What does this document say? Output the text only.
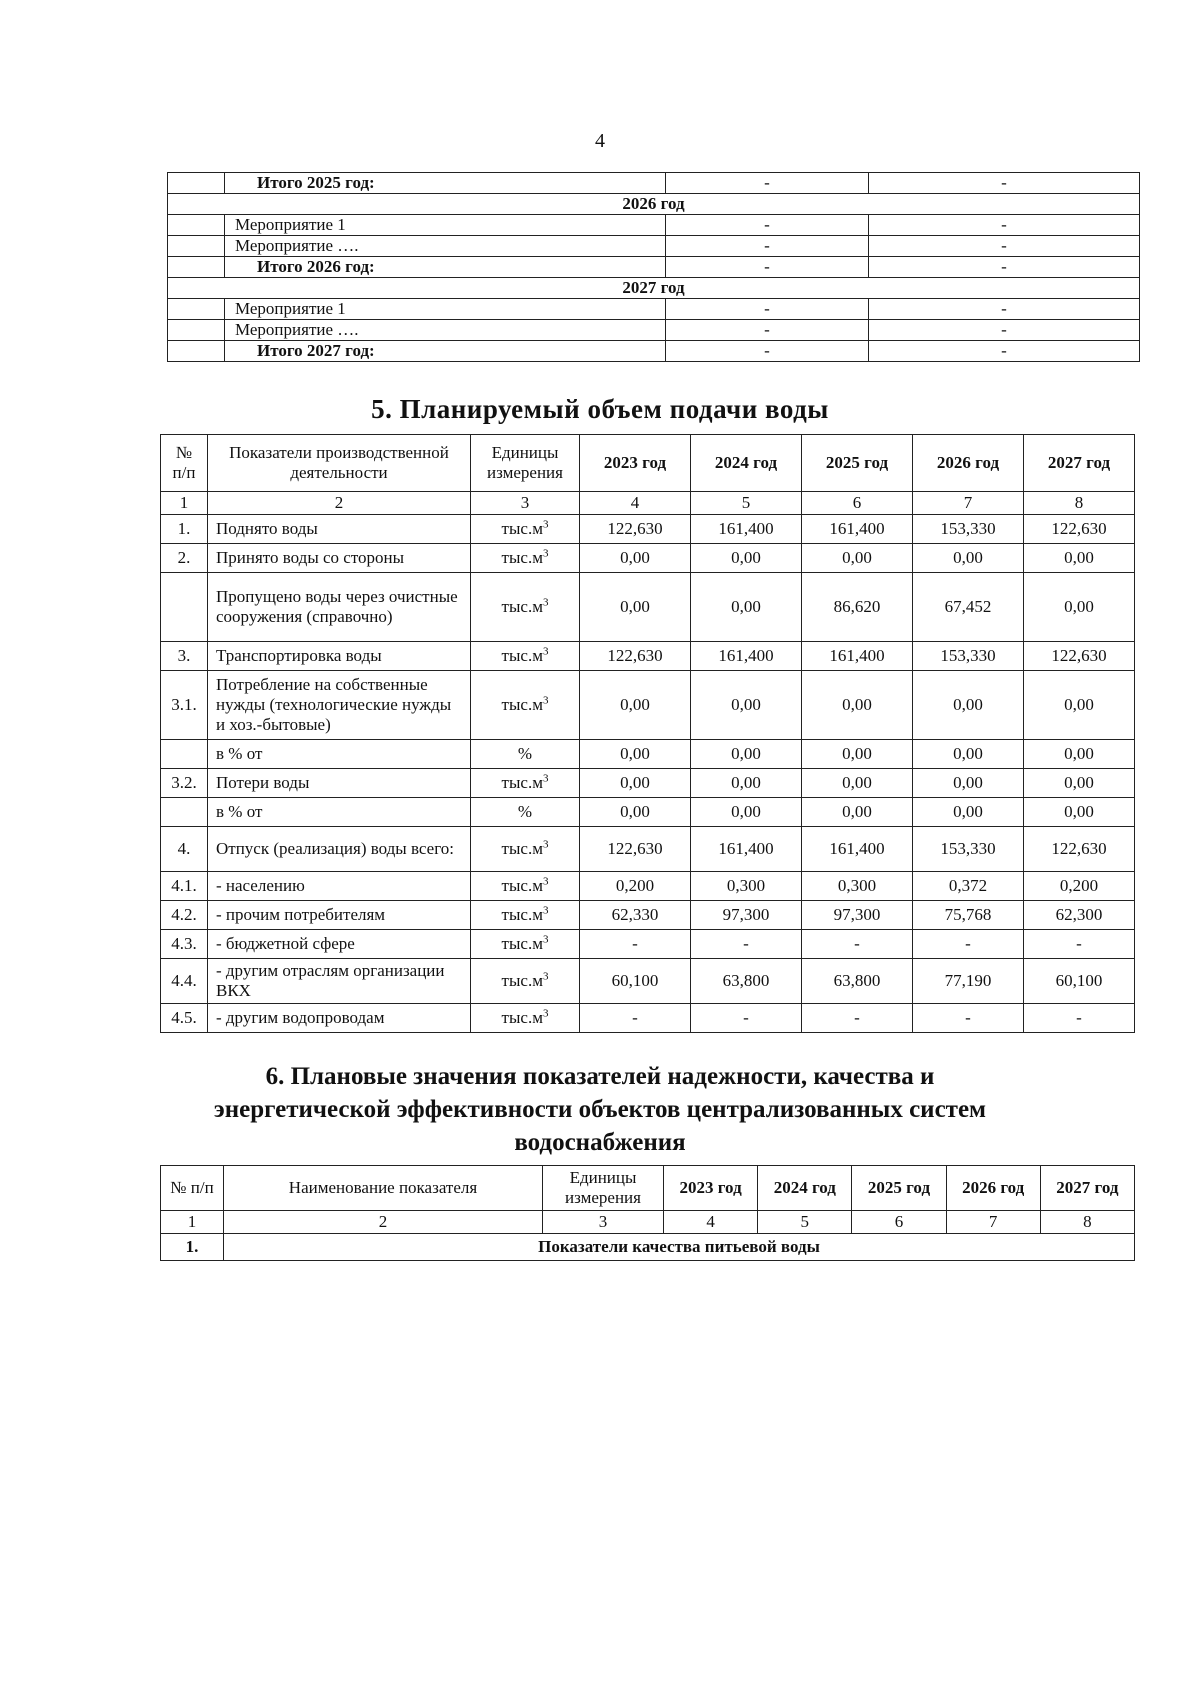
4
	Итого 2025 год:	-	-
2026 год			
	Мероприятие 1	-	-
	Мероприятие ….	-	-
	Итого 2026 год:	-	-
2027 год			
	Мероприятие 1	-	-
	Мероприятие ….	-	-
	Итого 2027 год:	-	-
5. Планируемый объем подачи воды
№ п/п	Показатели производственной деятельности	Единицы измерения	2023 год	2024 год	2025 год	2026 год	2027 год
1	2	3	4	5	6	7	8
1.	Поднято воды	$тыс.м^3$	122,630	161,400	161,400	153,330	122,630
2.	Принято воды со стороны	$тыс.м^3$	0,00	0,00	0,00	0,00	0,00
	Пропущено воды через очистные сооружения (справочно)	$тыс.м^3$	0,00	0,00	86,620	67,452	0,00
3.	Транспортировка воды	$тыс.м^3$	122,630	161,400	161,400	153,330	122,630
3.1.	Потребление на собственные нужды (технологические нужды и хоз.-бытовые)	$тыс.м^3$	0,00	0,00	0,00	0,00	0,00
	в % от	%	0,00	0,00	0,00	0,00	0,00
3.2.	Потери воды	$тыс.м^3$	0,00	0,00	0,00	0,00	0,00
	в % от	%	0,00	0,00	0,00	0,00	0,00
4.	Отпуск (реализация) воды всего:	$тыс.м^3$	122,630	161,400	161,400	153,330	122,630
4.1.	- населению	$тыс.м^3$	0,200	0,300	0,300	0,372	0,200
4.2.	- прочим потребителям	$тыс.м^3$	62,330	97,300	97,300	75,768	62,300
4.3.	- бюджетной сфере	$тыс.м^3$	-	-	-	-	-
4.4.	- другим отраслям организации ВКХ	$тыс.м^3$	60,100	63,800	63,800	77,190	60,100
4.5.	- другим водопроводам	$тыс.м^3$	-	-	-	-	-
6. Плановые значения показателей надежности, качества и
энергетической эффективности объектов централизованных систем
водоснабжения
№ п/п	Наименование показателя	Единицы измерения	2023 год	2024 год	2025 год	2026 год	2027 год
1	2	3	4	5	6	7	8
1.	Показатели качества питьевой воды						
